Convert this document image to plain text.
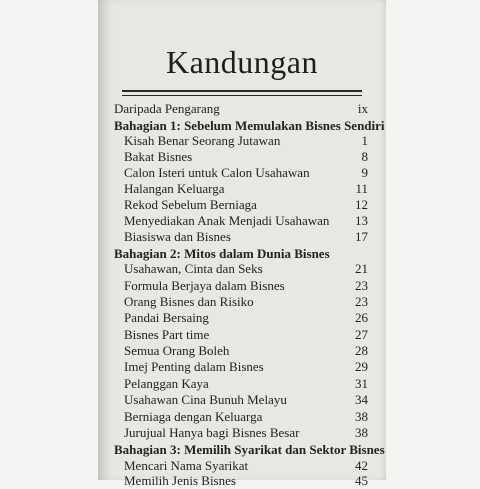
Kandungan
Daripada Pengarang	ix
Bahagian 1: Sebelum Memulakan Bisnes Sendiri
Kisah Benar Seorang Jutawan	1
Bakat Bisnes	8
Calon Isteri untuk Calon Usahawan	9
Halangan Keluarga	11
Rekod Sebelum Berniaga	12
Menyediakan Anak Menjadi Usahawan 13
Biasiswa dan Bisnes	17
Bahagian 2: Mitos dalam Dunia Bisnes
Usahawan, Cinta dan Seks	21
Formula Berjaya dalam Bisnes	23
Orang Bisnes dan Risiko	23
Pandai Bersaing	26
Bisnes Part time	27
Semua Orang Boleh	28
Imej Penting dalam Bisnes	29
Pelanggan Kaya	31
Usahawan Cina Bunuh Melayu	34
Berniaga dengan Keluarga	38
Jurujual Hanya bagi Bisnes Besar	38
Bahagian 3: Memilih Syarikat dan Sektor Bisnes
Mencari Nama Syarikat	42
Memilih Jenis Bisnes	45
